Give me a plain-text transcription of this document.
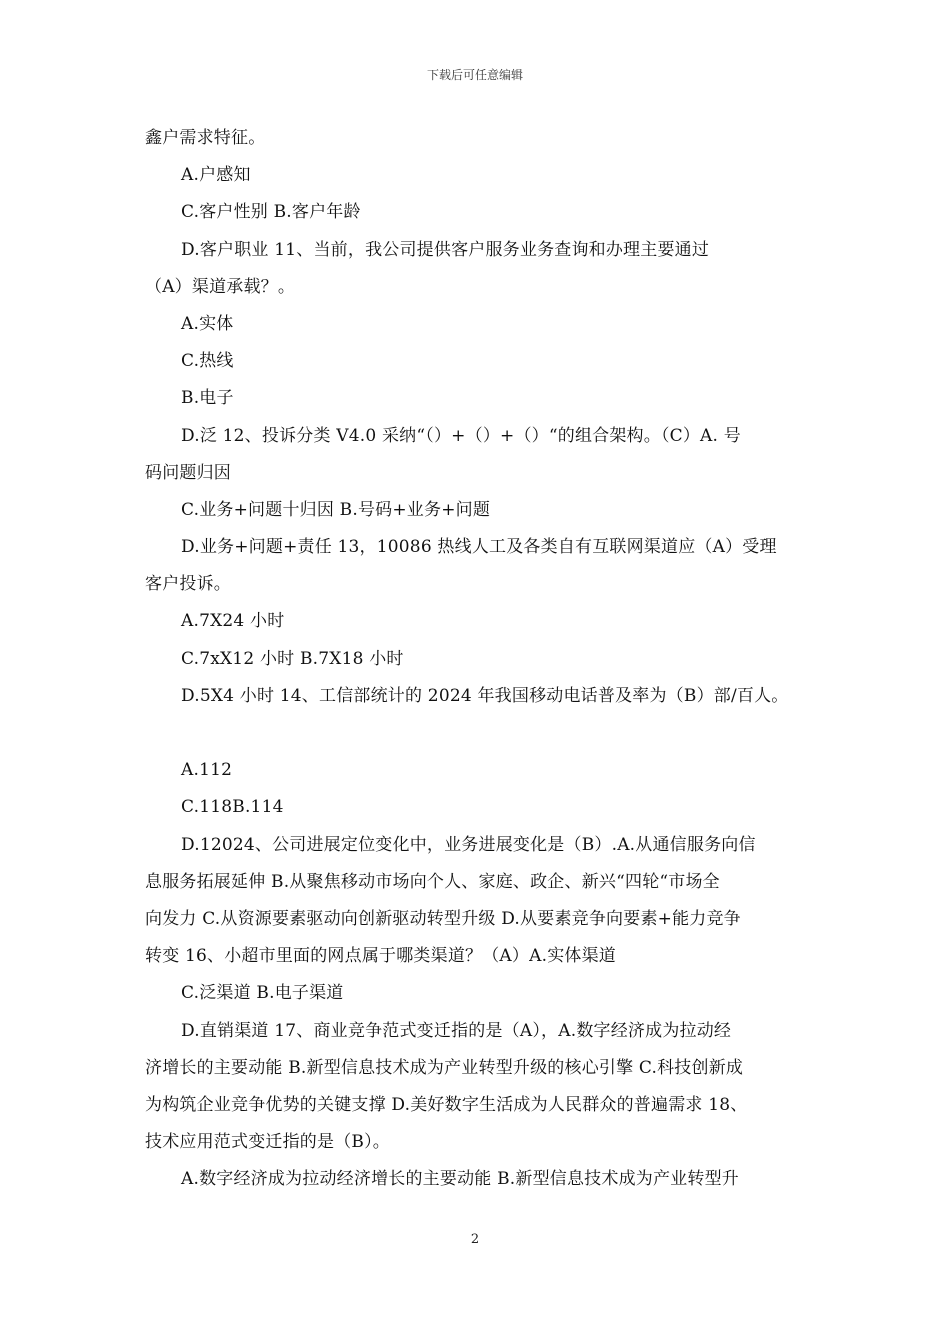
下载后可任意编辑
鑫户需求特征。
A.户感知
C.客户性别 B.客户年龄
D.客户职业 11、当前，我公司提供客户服务业务查询和办理主要通过
（A）渠道承载？。
A.实体
C.热线
B.电子
D.泛 12、投诉分类 V4.0 采纳“（）+（）+（）“的组合架构。（C）A. 号
码问题归因
C.业务+问题十归因 B.号码+业务+问题
D.业务+问题+责任 13，10086 热线人工及各类自有互联网渠道应（A）受理
客户投诉。
A.7X24 小时
C.7xX12 小时 B.7X18 小时
D.5X4 小时 14、工信部统计的 2024 年我国移动电话普及率为（B）部/百人。
A.112
C.118B.114
D.12024、公司进展定位变化中，业务进展变化是（B）.A.从通信服务向信
息服务拓展延伸 B.从聚焦移动市场向个人、家庭、政企、新兴“四轮“市场全
向发力 C.从资源要素驱动向创新驱动转型升级 D.从要素竞争向要素+能力竞争
转变 16、小超市里面的网点属于哪类渠道？（A）A.实体渠道
C.泛渠道 B.电子渠道
D.直销渠道 17、商业竞争范式变迁指的是（A），A.数字经济成为拉动经
济增长的主要动能 B.新型信息技术成为产业转型升级的核心引擎 C.科技创新成
为构筑企业竞争优势的关键支撑 D.美好数字生活成为人民群众的普遍需求 18、
技术应用范式变迁指的是（B）。
A.数字经济成为拉动经济增长的主要动能 B.新型信息技术成为产业转型升
2
